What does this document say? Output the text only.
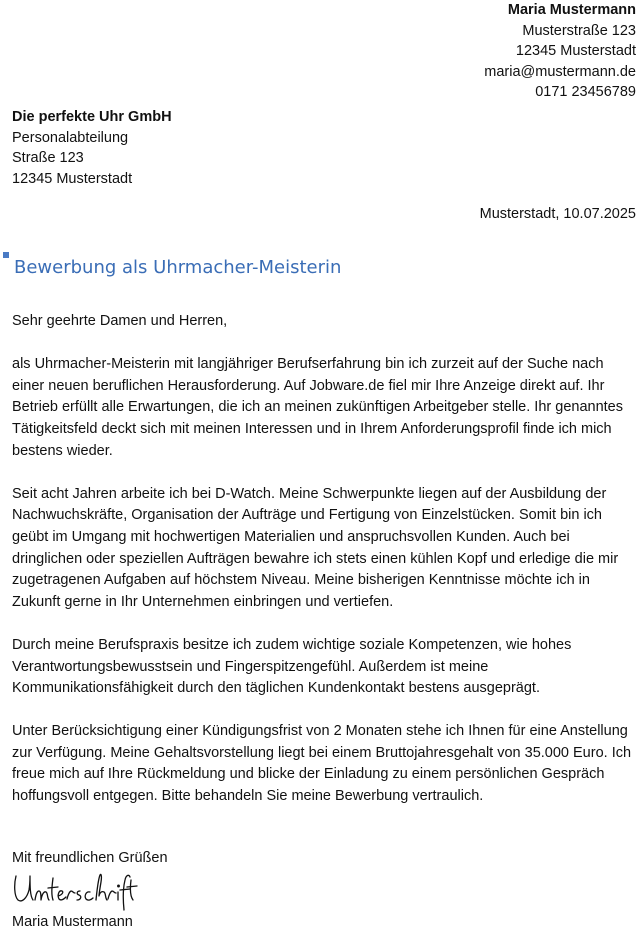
Maria Mustermann
Musterstraße 123
12345 Musterstadt
maria@mustermann.de
0171 23456789
Die perfekte Uhr GmbH
Personalabteilung
Straße 123
12345 Musterstadt
Musterstadt, 10.07.2025
Bewerbung als Uhrmacher-Meisterin

Sehr geehrte Damen und Herren,

als Uhrmacher-Meisterin mit langjähriger Berufserfahrung bin ich zurzeit auf der Suche nach einer neuen beruflichen Herausforderung. Auf Jobware.de fiel mir Ihre Anzeige direkt auf. Ihr Betrieb erfüllt alle Erwartungen, die ich an meinen zukünftigen Arbeitgeber stelle. Ihr genanntes Tätigkeitsfeld deckt sich mit meinen Interessen und in Ihrem Anforderungsprofil finde ich mich bestens wieder.

Seit acht Jahren arbeite ich bei D-Watch. Meine Schwerpunkte liegen auf der Ausbildung der Nachwuchskräfte, Organisation der Aufträge und Fertigung von Einzelstücken. Somit bin ich geübt im Umgang mit hochwertigen Materialien und anspruchsvollen Kunden. Auch bei dringlichen oder speziellen Aufträgen bewahre ich stets einen kühlen Kopf und erledige die mir zugetragenen Aufgaben auf höchstem Niveau. Meine bisherigen Kenntnisse möchte ich in Zukunft gerne in Ihr Unternehmen einbringen und vertiefen.

Durch meine Berufspraxis besitze ich zudem wichtige soziale Kompetenzen, wie hohes Verantwortungsbewusstsein und Fingerspitzengefühl. Außerdem ist meine Kommunikationsfähigkeit durch den täglichen Kundenkontakt bestens ausgeprägt.

Unter Berücksichtigung einer Kündigungsfrist von 2 Monaten stehe ich Ihnen für eine Anstellung zur Verfügung. Meine Gehaltsvorstellung liegt bei einem Bruttojahresgehalt von 35.000 Euro. Ich freue mich auf Ihre Rückmeldung und blicke der Einladung zu einem persönlichen Gespräch hoffungsvoll entgegen. Bitte behandeln Sie meine Bewerbung vertraulich.

Mit freundlichen Grüßen
Maria Mustermann
